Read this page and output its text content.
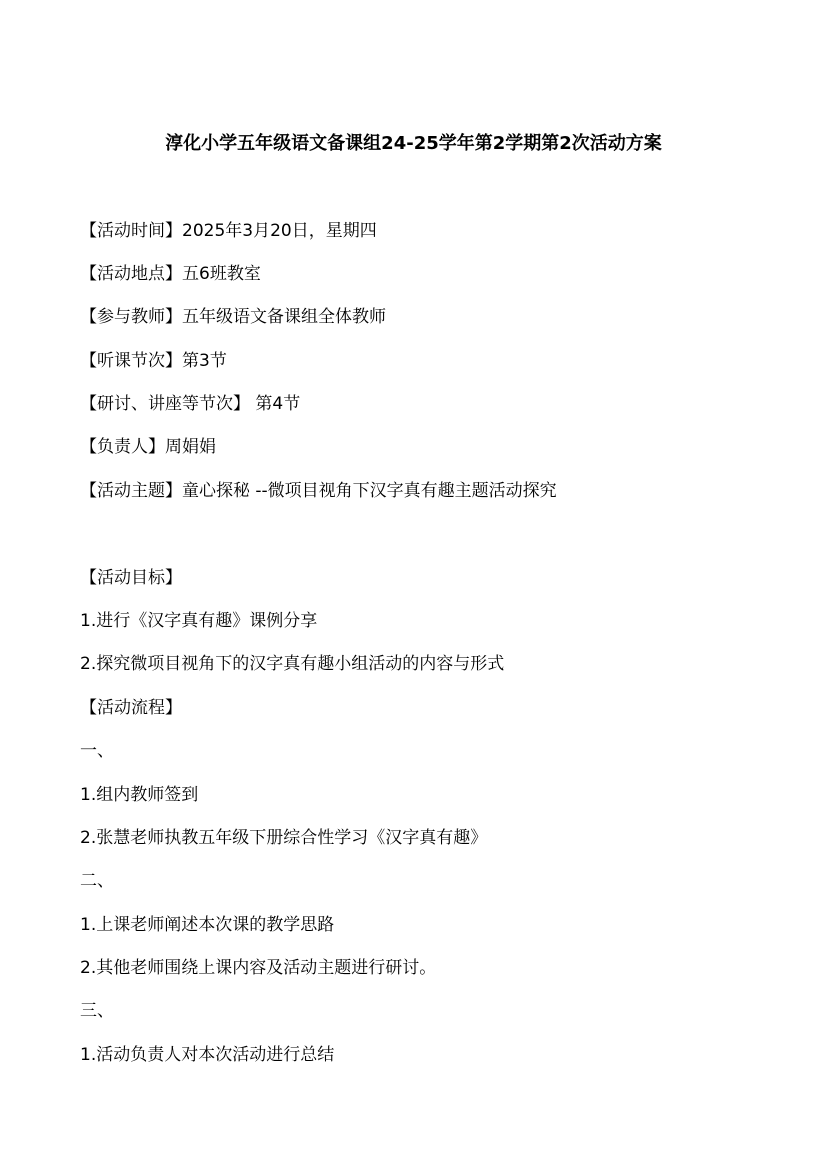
淳化小学五年级语文备课组24-25学年第2学期第2次活动方案
【活动时间】2025年3月20日，星期四
【活动地点】五6班教室
【参与教师】五年级语文备课组全体教师
【听课节次】第3节
【研讨、讲座等节次】 第4节
【负责人】周娟娟
【活动主题】童心探秘 --微项目视角下汉字真有趣主题活动探究
【活动目标】
1.进行《汉字真有趣》课例分享
2.探究微项目视角下的汉字真有趣小组活动的内容与形式
【活动流程】
一、
1.组内教师签到
2.张慧老师执教五年级下册综合性学习《汉字真有趣》
二、
1.上课老师阐述本次课的教学思路
2.其他老师围绕上课内容及活动主题进行研讨。
三、
1.活动负责人对本次活动进行总结
